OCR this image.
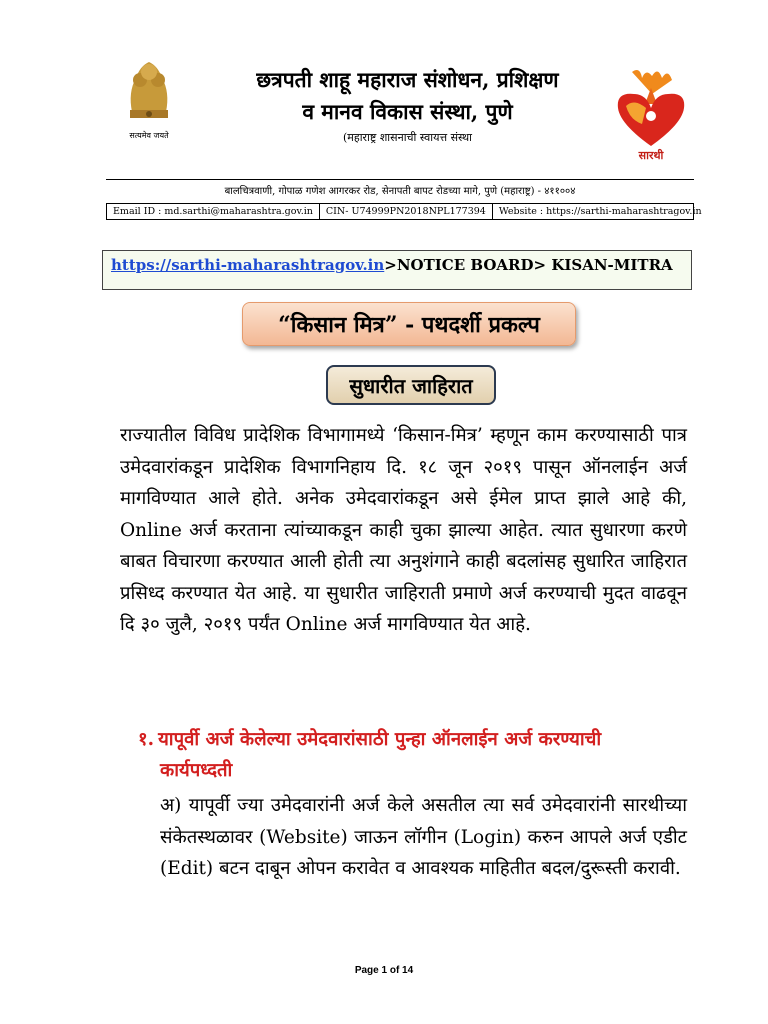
सत्यमेव जयते
सारथी
छत्रपती शाहू महाराज संशोधन, प्रशिक्षण
व मानव विकास संस्था, पुणे
(महाराष्ट्र शासनाची स्वायत्त संस्था
बालचित्रवाणी, गोपाळ गणेश आगरकर रोड, सेनापती बापट रोडच्या मागे, पुणे (महाराष्ट्र) - ४११००४
Email ID : md.sarthi@maharashtra.gov.in	CIN- U74999PN2018NPL177394	Website : https://sarthi-maharashtragov.in
https://sarthi-maharashtragov.in>NOTICE BOARD> KISAN-MITRA
“किसान मित्र” - पथदर्शी प्रकल्प
सुधारीत जाहिरात
राज्यातील विविध प्रादेशिक विभागामध्ये ‘किसान-मित्र’ म्हणून काम करण्यासाठी पात्र उमेदवारांकडून प्रादेशिक विभागनिहाय दि. १८ जून २०१९ पासून ऑनलाईन अर्ज मागविण्यात आले होते. अनेक उमेदवारांकडून असे ईमेल प्राप्त झाले आहे की, Online अर्ज करताना त्यांच्याकडून काही चुका झाल्या आहेत. त्यात सुधारणा करणे बाबत विचारणा करण्यात आली होती त्या अनुशंगाने काही बदलांसह सुधारित जाहिरात प्रसिध्द करण्यात येत आहे. या सुधारीत जाहिराती प्रमाणे अर्ज करण्याची मुदत वाढवून दि ३० जुलै, २०१९ पर्यंत Online अर्ज मागविण्यात येत आहे.
१. यापूर्वी अर्ज केलेल्या उमेदवारांसाठी पुन्हा ऑनलाईन अर्ज करण्याची
कार्यपध्दती
अ) यापूर्वी ज्या उमेदवारांनी अर्ज केले असतील त्या सर्व उमेदवारांनी सारथीच्या संकेतस्थळावर (Website) जाऊन लॉगीन (Login) करुन आपले अर्ज एडीट (Edit) बटन दाबून ओपन करावेत व आवश्यक माहितीत बदल/दुरूस्ती करावी.
Page 1 of 14
